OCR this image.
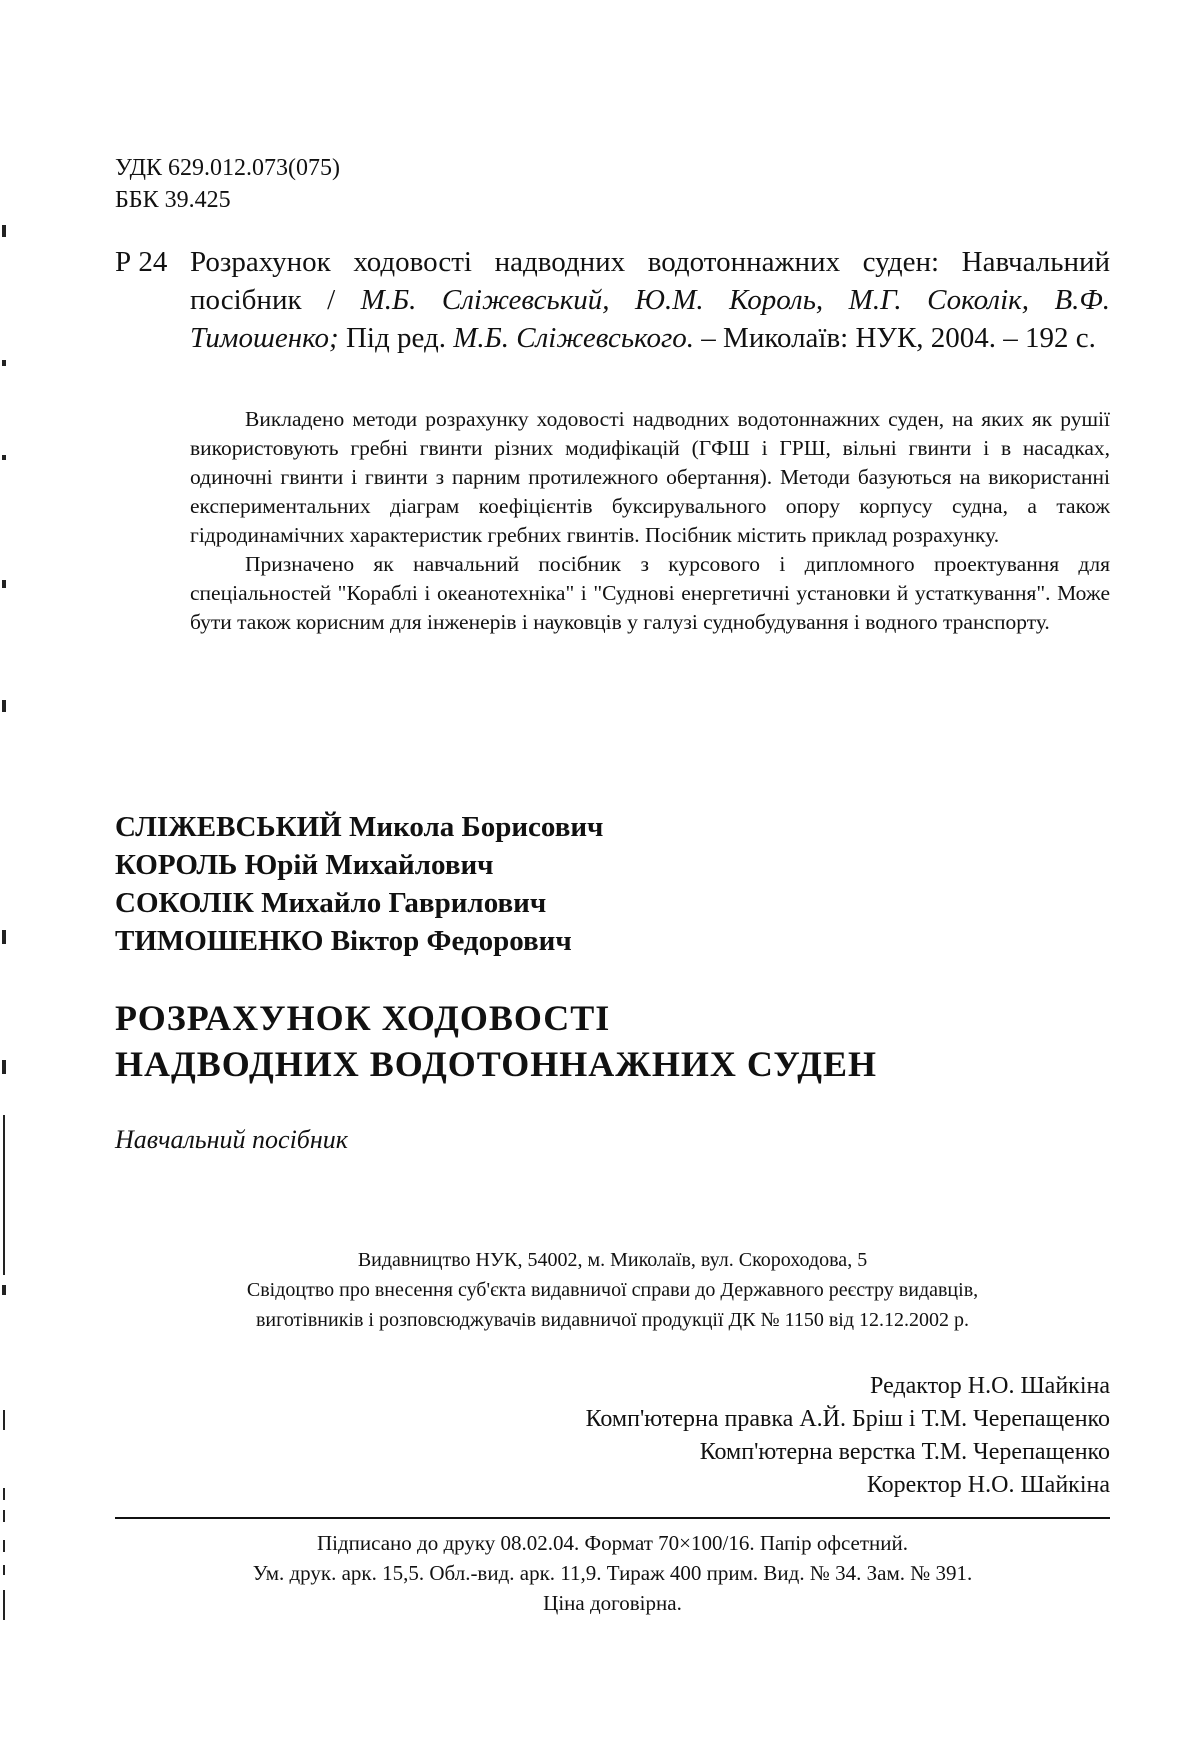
УДК 629.012.073(075)
ББК 39.425
Р 24 Розрахунок ходовості надводних водотоннажних суден: Навчальний посібник / М.Б. Сліжевський, Ю.М. Король, М.Г. Соколік, В.Ф. Тимошенко; Під ред. М.Б. Сліжевського. – Миколаїв: НУК, 2004. – 192 с.

Викладено методи розрахунку ходовості надводних водотоннажних суден, на яких як рушії використовують гребні гвинти різних модифікацій (ГФШ і ГРШ, вільні гвинти і в насадках, одиночні гвинти і гвинти з парним протилежного обертання). Методи базуються на використанні експериментальних діаграм коефіцієнтів буксирувального опору корпусу судна, а також гідродинамічних характеристик гребних гвинтів. Посібник містить приклад розрахунку.

Призначено як навчальний посібник з курсового і дипломного проектування для спеціальностей "Кораблі і океанотехніка" і "Суднові енергетичні установки й устаткування". Може бути також корисним для інженерів і науковців у галузі суднобудування і водного транспорту.

СЛІЖЕВСЬКИЙ Микола Борисович
КОРОЛЬ Юрій Михайлович
СОКОЛІК Михайло Гаврилович
ТИМОШЕНКО Віктор Федорович
РОЗРАХУНОК ХОДОВОСТІ
НАДВОДНИХ ВОДОТОННАЖНИХ СУДЕН
Навчальний посібник
Видавництво НУК, 54002, м. Миколаїв, вул. Скороходова, 5
Свідоцтво про внесення суб'єкта видавничої справи до Державного реєстру видавців,
виготівників і розповсюджувачів видавничої продукції ДК № 1150 від 12.12.2002 р.
Редактор Н.О. Шайкіна
Комп'ютерна правка А.Й. Бріш і Т.М. Черепащенко
Комп'ютерна верстка Т.М. Черепащенко
Коректор Н.О. Шайкіна
Підписано до друку 08.02.04. Формат 70×100/16. Папір офсетний.
Ум. друк. арк. 15,5. Обл.-вид. арк. 11,9. Тираж 400 прим. Вид. № 34. Зам. № 391.
Ціна договірна.
